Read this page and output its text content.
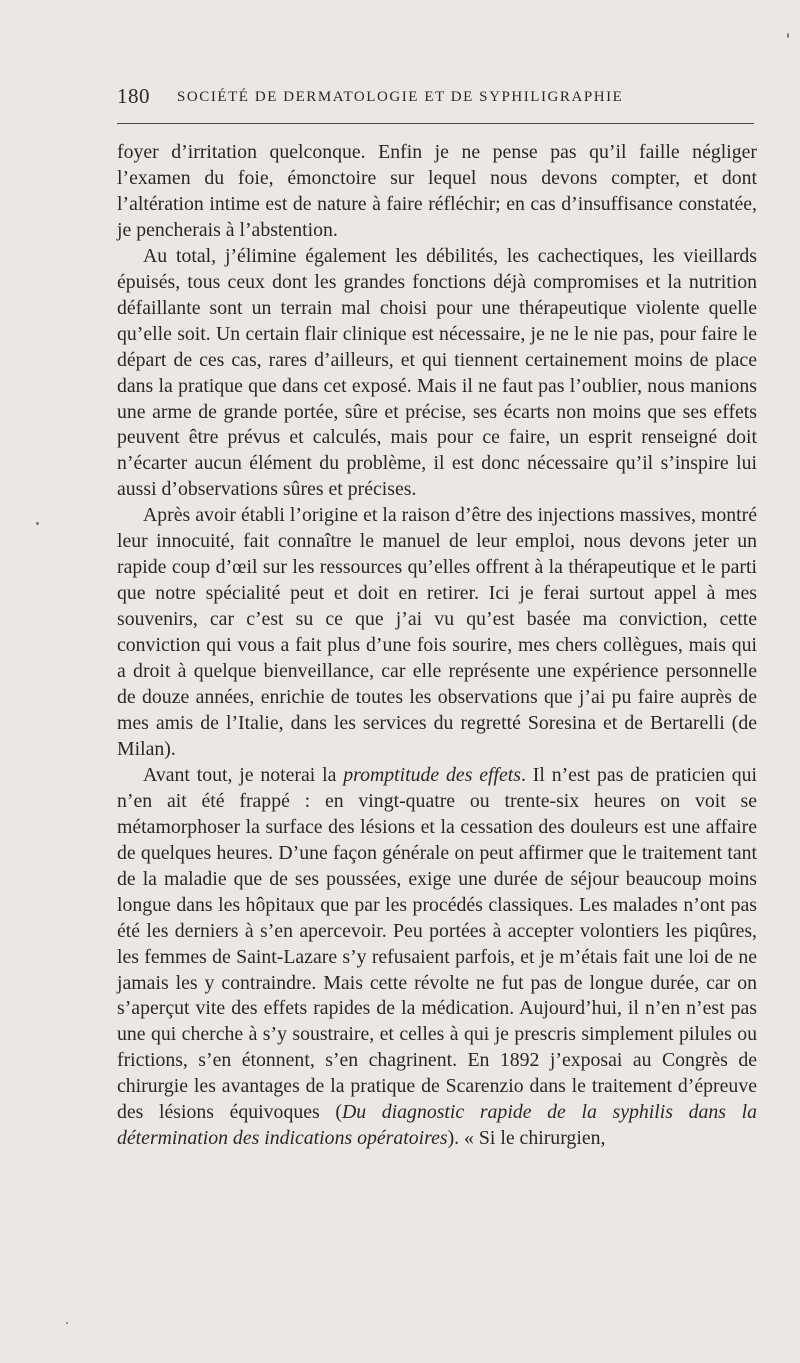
180 SOCIÉTÉ DE DERMATOLOGIE ET DE SYPHILIGRAPHIE

foyer d’irritation quelconque. Enfin je ne pense pas qu’il faille négliger l’examen du foie, émonctoire sur lequel nous devons compter, et dont l’altération intime est de nature à faire réfléchir; en cas d’insuffisance constatée, je pencherais à l’abstention.

Au total, j’élimine également les débilités, les cachectiques, les vieillards épuisés, tous ceux dont les grandes fonctions déjà compromises et la nutrition défaillante sont un terrain mal choisi pour une thérapeutique violente quelle qu’elle soit. Un certain flair clinique est nécessaire, je ne le nie pas, pour faire le départ de ces cas, rares d’ailleurs, et qui tiennent certainement moins de place dans la pratique que dans cet exposé. Mais il ne faut pas l’oublier, nous manions une arme de grande portée, sûre et précise, ses écarts non moins que ses effets peuvent être prévus et calculés, mais pour ce faire, un esprit renseigné doit n’écarter aucun élément du problème, il est donc nécessaire qu’il s’inspire lui aussi d’observations sûres et précises.

Après avoir établi l’origine et la raison d’être des injections massives, montré leur innocuité, fait connaître le manuel de leur emploi, nous devons jeter un rapide coup d’œil sur les ressources qu’elles offrent à la thérapeutique et le parti que notre spécialité peut et doit en retirer. Ici je ferai surtout appel à mes souvenirs, car c’est su ce que j’ai vu qu’est basée ma conviction, cette conviction qui vous a fait plus d’une fois sourire, mes chers collègues, mais qui a droit à quelque bienveillance, car elle représente une expérience personnelle de douze années, enrichie de toutes les observations que j’ai pu faire auprès de mes amis de l’Italie, dans les services du regretté Soresina et de Bertarelli (de Milan).

Avant tout, je noterai la promptitude des effets. Il n’est pas de praticien qui n’en ait été frappé : en vingt-quatre ou trente-six heures on voit se métamorphoser la surface des lésions et la cessation des douleurs est une affaire de quelques heures. D’une façon générale on peut affirmer que le traitement tant de la maladie que de ses poussées, exige une durée de séjour beaucoup moins longue dans les hôpitaux que par les procédés classiques. Les malades n’ont pas été les derniers à s’en apercevoir. Peu portées à accepter volontiers les piqûres, les femmes de Saint-Lazare s’y refusaient parfois, et je m’étais fait une loi de ne jamais les y contraindre. Mais cette révolte ne fut pas de longue durée, car on s’aperçut vite des effets rapides de la médication. Aujourd’hui, il n’en n’est pas une qui cherche à s’y soustraire, et celles à qui je prescris simplement pilules ou frictions, s’en étonnent, s’en chagrinent. En 1892 j’exposai au Congrès de chirurgie les avantages de la pratique de Scarenzio dans le traitement d’épreuve des lésions équivoques (Du diagnostic rapide de la syphilis dans la détermination des indications opératoires). « Si le chirurgien,
